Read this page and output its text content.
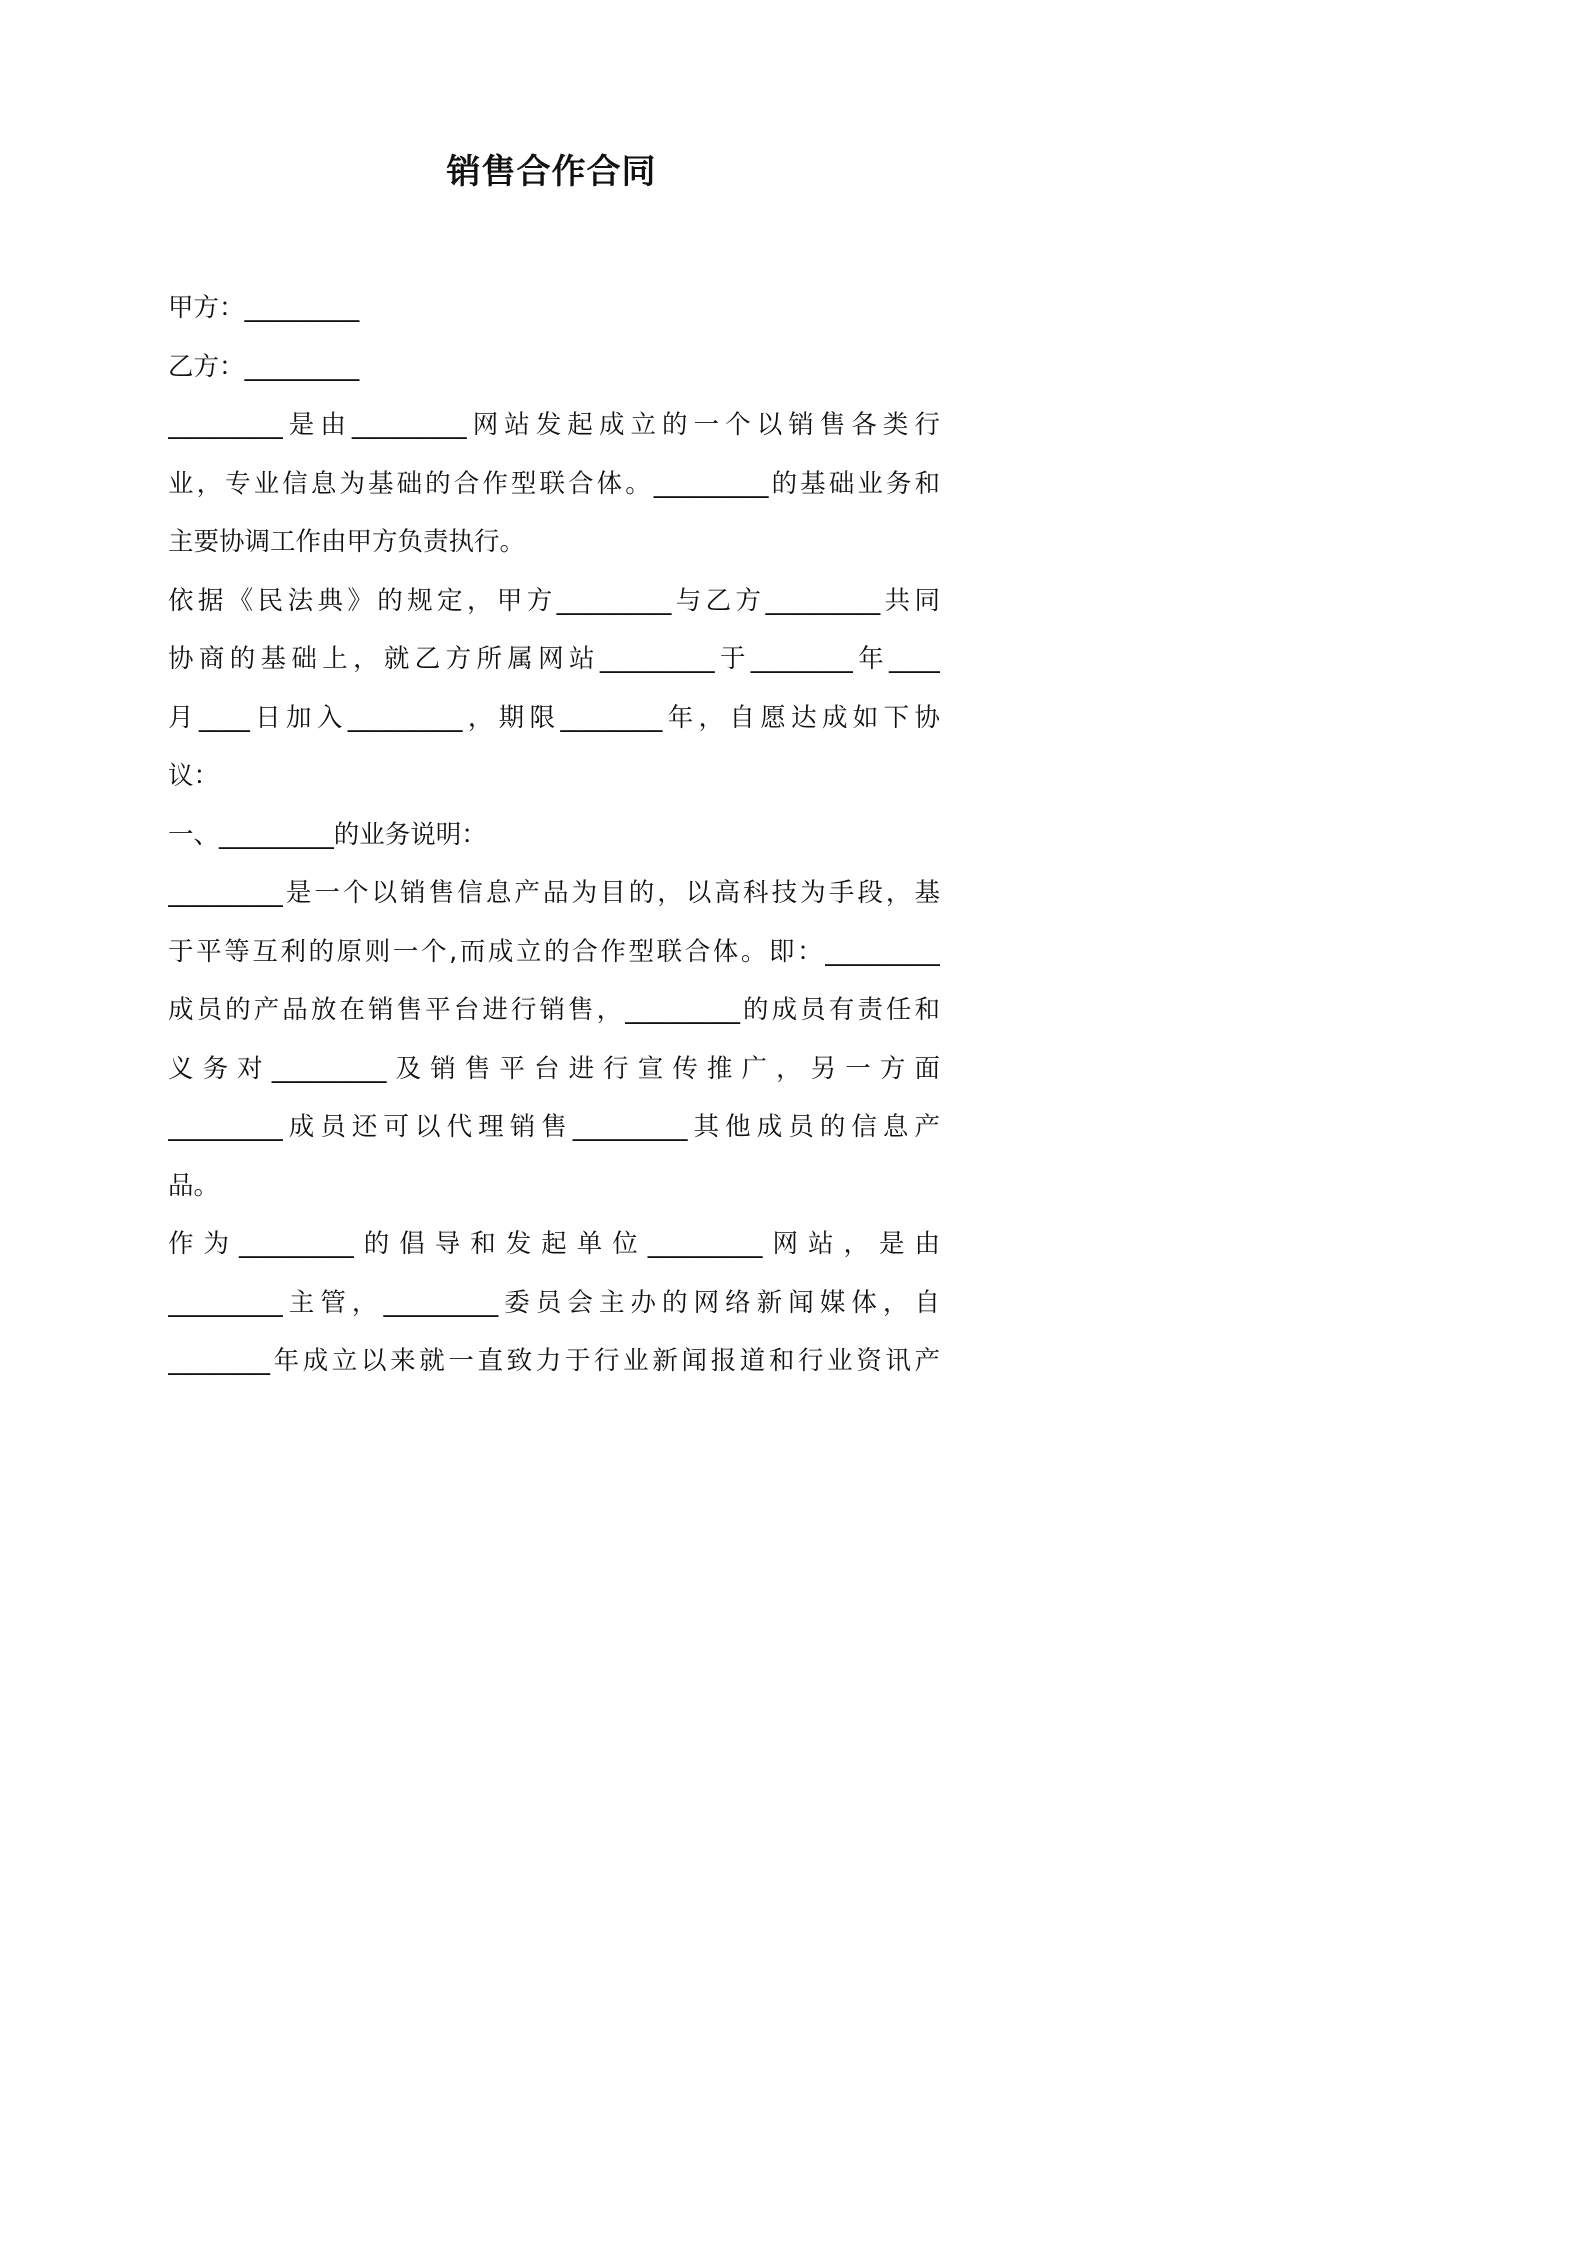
销售合作合同

甲方：_________

乙方：_________

_________是由_________网站发起成立的一个以销售各类行

业，专业信息为基础的合作型联合体。_________的基础业务和

主要协调工作由甲方负责执行。

依据《民法典》的规定，甲方_________与乙方_________共同

协商的基础上，就乙方所属网站_________于________年____

月____日加入_________，期限________年，自愿达成如下协

议：

一、_________的业务说明：

_________是一个以销售信息产品为目的，以高科技为手段，基

于平等互利的原则一个,而成立的合作型联合体。即：_________

成员的产品放在销售平台进行销售，_________的成员有责任和

义务对_________及销售平台进行宣传推广，另一方面

_________成员还可以代理销售_________其他成员的信息产

品。

作为_________的倡导和发起单位_________网站，是由

_________主管，_________委员会主办的网络新闻媒体，自

________年成立以来就一直致力于行业新闻报道和行业资讯产
